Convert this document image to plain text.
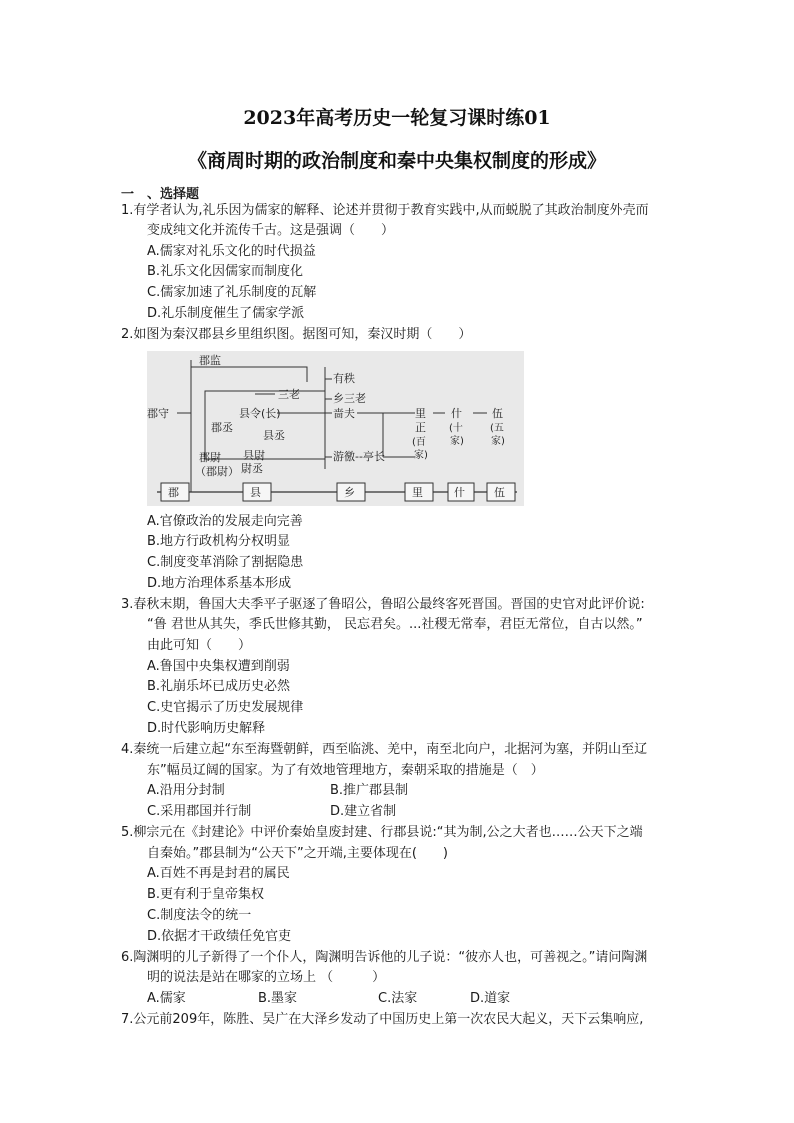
2023年高考历史一轮复习课时练01
《商周时期的政治制度和秦中央集权制度的形成》
一　、选择题
1.有学者认为,礼乐因为儒家的解释、论述并贯彻于教育实践中,从而蜕脱了其政治制度外壳而
变成纯文化并流传千古。这是强调（　　）
A.儒家对礼乐文化的时代损益
B.礼乐文化因儒家而制度化
C.儒家加速了礼乐制度的瓦解
D.礼乐制度催生了儒家学派
2.如图为秦汉郡县乡里组织图。据图可知，秦汉时期（　　）
郡监
郡守
郡丞
郡尉
（郡尉）
三老
县令(长)
县丞
县尉
尉丞
有秩
乡三老
啬夫
游徼--亭长
里
正
(百
家)
什
(十
家)
伍
(五
家)
郡	县	乡	里	什	伍
A.官僚政治的发展走向完善
B.地方行政机构分权明显
C.制度变革消除了割据隐患
D.地方治理体系基本形成
3.春秋末期，鲁国大夫季平子驱逐了鲁昭公，鲁昭公最终客死晋国。晋国的史官对此评价说:
“鲁 君世从其失，季氏世修其勤， 民忘君矣。...社稷无常奉，君臣无常位，自古以然。”
由此可知（　　）
A.鲁国中央集权遭到削弱
B.礼崩乐坏已成历史必然
C.史官揭示了历史发展规律
D.时代影响历史解释
4.秦统一后建立起“东至海暨朝鲜，西至临洮、羌中，南至北向户，北据河为塞，并阴山至辽
东”幅员辽阔的国家。为了有效地管理地方，秦朝采取的措施是（　）
A.沿用分封制	B.推广郡县制
C.采用郡国并行制	D.建立省制
5.柳宗元在《封建论》中评价秦始皇废封建、行郡县说:“其为制,公之大者也……公天下之端
自秦始。”郡县制为“公天下”之开端,主要体现在(　　)
A.百姓不再是封君的属民
B.更有利于皇帝集权
C.制度法令的统一
D.依据才干政绩任免官吏
6.陶渊明的儿子新得了一个仆人，陶渊明告诉他的儿子说：“彼亦人也，可善视之。”请问陶渊
明的说法是站在哪家的立场上 （　　　）
A.儒家	B.墨家	C.法家	D.道家
7.公元前209年，陈胜、吴广在大泽乡发动了中国历史上第一次农民大起义，天下云集响应,
